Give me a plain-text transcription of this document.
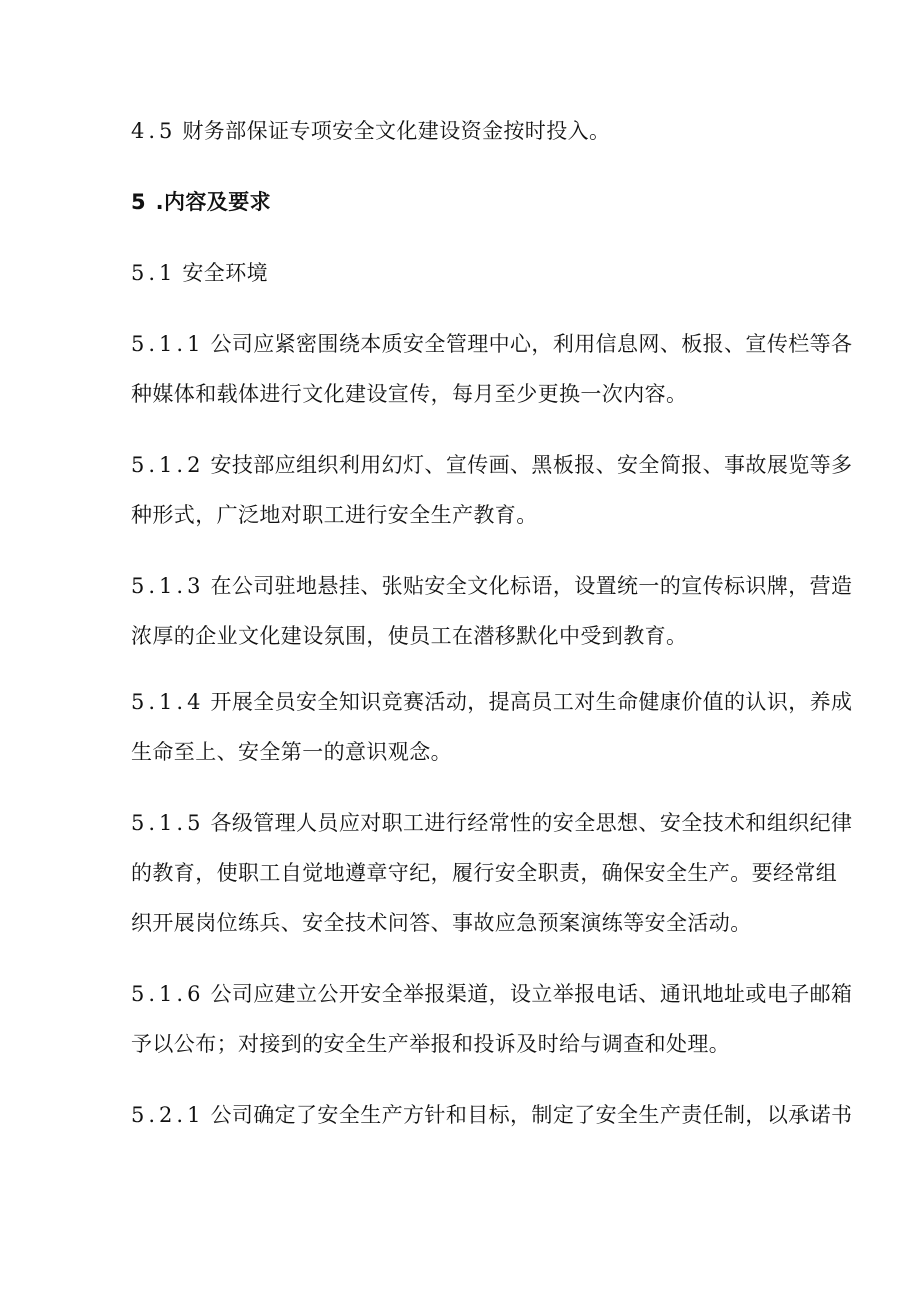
4.5 财务部保证专项安全文化建设资金按时投入。
5 .内容及要求
5.1 安全环境
5.1.1 公司应紧密围绕本质安全管理中心，利用信息网、板报、宣传栏等各
种媒体和载体进行文化建设宣传，每月至少更换一次内容。
5.1.2 安技部应组织利用幻灯、宣传画、黑板报、安全简报、事故展览等多
种形式，广泛地对职工进行安全生产教育。
5.1.3 在公司驻地悬挂、张贴安全文化标语，设置统一的宣传标识牌，营造
浓厚的企业文化建设氛围，使员工在潜移默化中受到教育。
5.1.4 开展全员安全知识竞赛活动，提高员工对生命健康价值的认识，养成
生命至上、安全第一的意识观念。
5.1.5 各级管理人员应对职工进行经常性的安全思想、安全技术和组织纪律
的教育，使职工自觉地遵章守纪，履行安全职责，确保安全生产。要经常组
织开展岗位练兵、安全技术问答、事故应急预案演练等安全活动。
5.1.6 公司应建立公开安全举报渠道，设立举报电话、通讯地址或电子邮箱
予以公布；对接到的安全生产举报和投诉及时给与调查和处理。
5.2.1 公司确定了安全生产方针和目标，制定了安全生产责任制，以承诺书
